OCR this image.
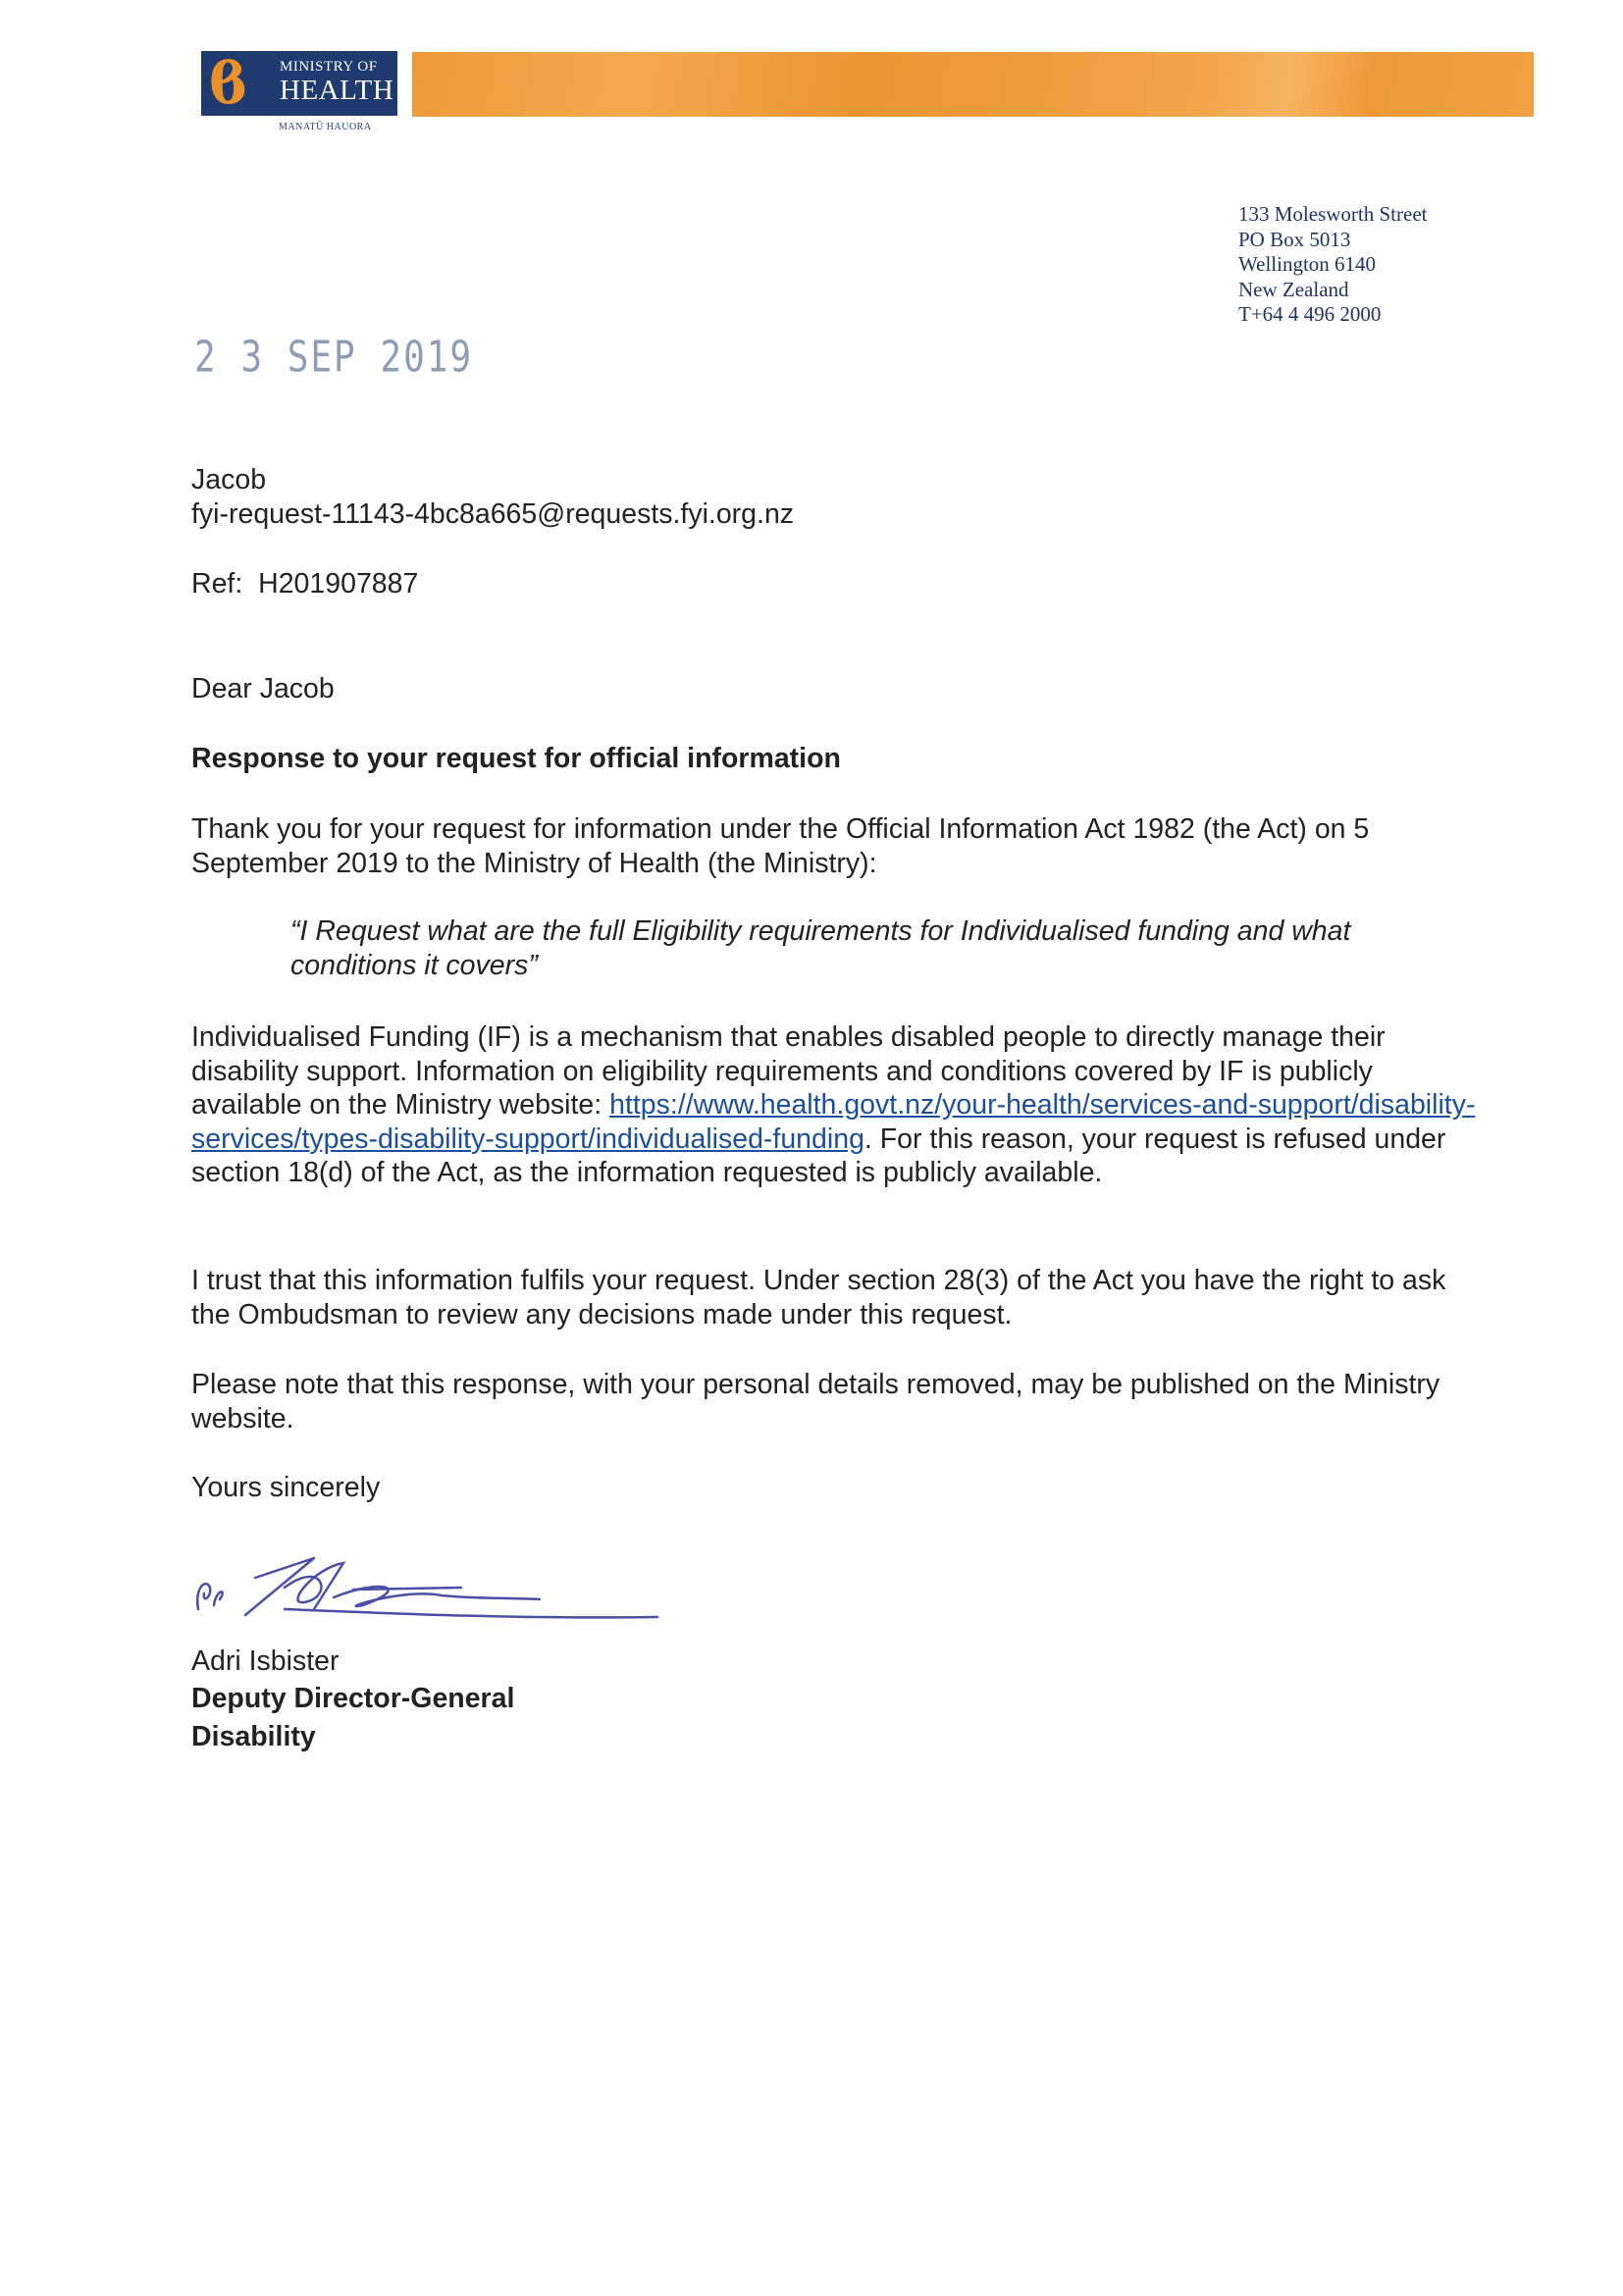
ϐ MINISTRY OF
HEALTH
MANATŪ HAUORA
133 Molesworth Street
PO Box 5013
Wellington 6140
New Zealand
T+64 4 496 2000
2 3 SEP 2019
Jacob
fyi-request-11143-4bc8a665@requests.fyi.org.nz
Ref: H201907887
Dear Jacob
Response to your request for official information
Thank you for your request for information under the Official Information Act 1982 (the Act) on 5 September 2019 to the Ministry of Health (the Ministry):
“I Request what are the full Eligibility requirements for Individualised funding and what conditions it covers”
Individualised Funding (IF) is a mechanism that enables disabled people to directly manage their disability support. Information on eligibility requirements and conditions covered by IF is publicly available on the Ministry website: https://www.health.govt.nz/your-health/services-and-support/disability-services/types-disability-support/individualised-funding. For this reason, your request is refused under section 18(d) of the Act, as the information requested is publicly available.
I trust that this information fulfils your request. Under section 28(3) of the Act you have the right to ask the Ombudsman to review any decisions made under this request.
Please note that this response, with your personal details removed, may be published on the Ministry website.
Yours sincerely
Adri Isbister
Deputy Director-General
Disability
